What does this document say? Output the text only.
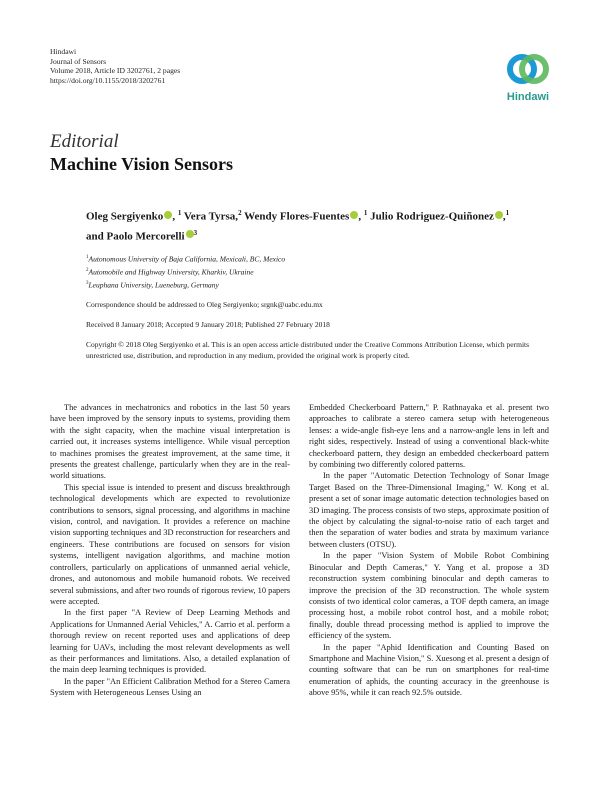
Hindawi
Journal of Sensors
Volume 2018, Article ID 3202761, 2 pages
https://doi.org/10.1155/2018/3202761
Hindawi
Editorial
Machine Vision Sensors
Oleg Sergiyenko , $^1$ Vera Tyrsa,$^2$ Wendy Flores-Fuentes , $^1$ Julio Rodriguez-Quiñonez ,$^1$
and Paolo Mercorelli $^3$
$^1$Autonomous University of Baja California, Mexicali, BC, Mexico
$^2$Automobile and Highway University, Kharkiv, Ukraine
$^3$Leuphana University, Lueneburg, Germany
Correspondence should be addressed to Oleg Sergiyenko; srgnk@uabc.edu.mx
Received 8 January 2018; Accepted 9 January 2018; Published 27 February 2018
Copyright © 2018 Oleg Sergiyenko et al. This is an open access article distributed under the Creative Commons Attribution License, which permits unrestricted use, distribution, and reproduction in any medium, provided the original work is properly cited.

The advances in mechatronics and robotics in the last 50 years have been improved by the sensory inputs to systems, providing them with the sight capacity, when the machine visual interpretation is carried out, it increases systems intelligence. While visual perception to machines promises the greatest improvement, at the same time, it presents the greatest challenge, particularly when they are in the real-world situations.

This special issue is intended to present and discuss breakthrough technological developments which are expected to revolutionize contributions to sensors, signal processing, and algorithms in machine vision, control, and navigation. It provides a reference on machine vision supporting techniques and 3D reconstruction for researchers and engineers. These contributions are focused on sensors for vision systems, intelligent navigation algorithms, and machine motion controllers, particularly on applications of unmanned aerial vehicle, drones, and autonomous and mobile humanoid robots. We received several submissions, and after two rounds of rigorous review, 10 papers were accepted.

In the first paper "A Review of Deep Learning Methods and Applications for Unmanned Aerial Vehicles," A. Carrio et al. perform a thorough review on recent reported uses and applications of deep learning for UAVs, including the most relevant developments as well as their performances and limitations. Also, a detailed explanation of the main deep learning techniques is provided.

In the paper "An Efficient Calibration Method for a Stereo Camera System with Heterogeneous Lenses Using an

Embedded Checkerboard Pattern," P. Rathnayaka et al. present two approaches to calibrate a stereo camera setup with heterogeneous lenses: a wide-angle fish-eye lens and a narrow-angle lens in left and right sides, respectively. Instead of using a conventional black-white checkerboard pattern, they design an embedded checkerboard pattern by combining two differently colored patterns.

In the paper "Automatic Detection Technology of Sonar Image Target Based on the Three-Dimensional Imaging," W. Kong et al. present a set of sonar image automatic detection technologies based on 3D imaging. The process consists of two steps, approximate position of the object by calculating the signal-to-noise ratio of each target and then the separation of water bodies and strata by maximum variance between clusters (OTSU).

In the paper "Vision System of Mobile Robot Combining Binocular and Depth Cameras," Y. Yang et al. propose a 3D reconstruction system combining binocular and depth cameras to improve the precision of the 3D reconstruction. The whole system consists of two identical color cameras, a TOF depth camera, an image processing host, a mobile robot control host, and a mobile robot; finally, double thread processing method is applied to improve the efficiency of the system.

In the paper "Aphid Identification and Counting Based on Smartphone and Machine Vision," S. Xuesong et al. present a design of counting software that can be run on smartphones for real-time enumeration of aphids, the counting accuracy in the greenhouse is above 95%, while it can reach 92.5% outside.
